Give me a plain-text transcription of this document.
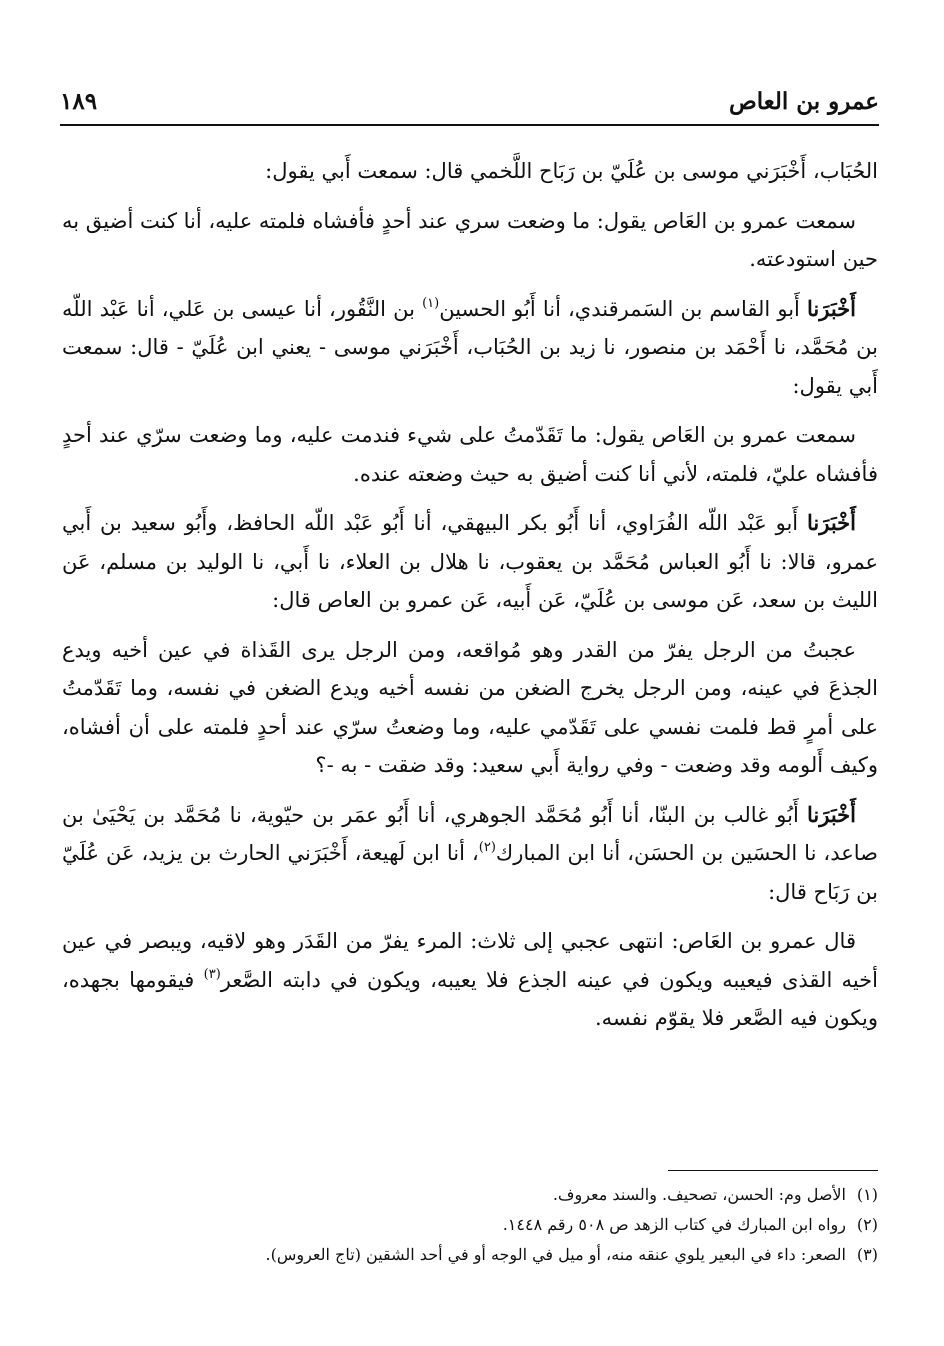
عمرو بن العاص
١٨٩

الحُبَاب، أَخْبَرَني موسى بن عُلَيّ بن رَبَاح اللَّخمي قال: سمعت أَبي يقول:

سمعت عمرو بن العَاص يقول: ما وضعت سري عند أحدٍ فأفشاه فلمته عليه، أنا كنت أضيق به حين استودعته.

أَخْبَرَنا أَبو القاسم بن السَمرقندي، أنا أَبُو الحسين$^{(١)}$ بن النَّقُور، أنا عيسى بن عَلي، أنا عَبْد اللّه بن مُحَمَّد، نا أَحْمَد بن منصور، نا زيد بن الحُبَاب، أَخْبَرَني موسى - يعني ابن عُلَيّ - قال: سمعت أَبي يقول:

سمعت عمرو بن العَاص يقول: ما تَقَدّمتُ على شيء فندمت عليه، وما وضعت سرّي عند أحدٍ فأفشاه عليّ، فلمته، لأني أنا كنت أضيق به حيث وضعته عنده.

أَخْبَرَنا أَبو عَبْد اللّه الفُرَاوي، أنا أَبُو بكر البيهقي، أنا أَبُو عَبْد اللّه الحافظ، وأَبُو سعيد بن أَبي عمرو، قالا: نا أَبُو العباس مُحَمَّد بن يعقوب، نا هلال بن العلاء، نا أَبي، نا الوليد بن مسلم، عَن الليث بن سعد، عَن موسى بن عُلَيّ، عَن أَبيه، عَن عمرو بن العاص قال:

عجبتُ من الرجل يفرّ من القدر وهو مُواقعه، ومن الرجل يرى القَذاة في عين أخيه ويدع الجذعَ في عينه، ومن الرجل يخرج الضغن من نفسه أخيه ويدع الضغن في نفسه، وما تَقَدّمتُ على أمرٍ قط فلمت نفسي على تَقَدّمي عليه، وما وضعتُ سرّي عند أحدٍ فلمته على أن أفشاه، وكيف أَلومه وقد وضعت - وفي رواية أَبي سعيد: وقد ضقت - به -؟

أَخْبَرَنا أَبُو غالب بن البنّا، أنا أَبُو مُحَمَّد الجوهري، أنا أَبُو عمَر بن حيّوية، نا مُحَمَّد بن يَحْيَىٰ بن صاعد، نا الحسَين بن الحسَن، أنا ابن المبارك$^{(٢)}$، أنا ابن لَهيعة، أَخْبَرَني الحارث بن يزيد، عَن عُلَيّ بن رَبَاح قال:

قال عمرو بن العَاص: انتهى عجبي إلى ثلاث: المرء يفرّ من القَدَر وهو لاقيه، ويبصر في عين أخيه القذى فيعيبه ويكون في عينه الجذع فلا يعيبه، ويكون في دابته الصَّعر$^{(٣)}$ فيقومها بجهده، ويكون فيه الصَّعر فلا يقوّم نفسه.

(١)الأصل وم: الحسن، تصحيف. والسند معروف.

(٢)رواه ابن المبارك في كتاب الزهد ص ٥٠٨ رقم ١٤٤٨.

(٣)الصعر: داء في البعير يلوي عنقه منه، أو ميل في الوجه أو في أحد الشقين (تاج العروس).
